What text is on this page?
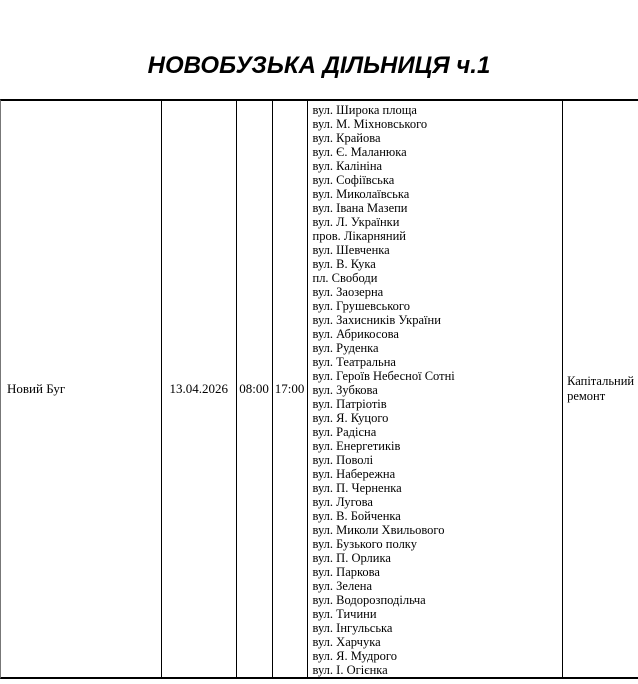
НОВОБУЗЬКА ДІЛЬНИЦЯ ч.1
Новий Буг	13.04.2026 08:00 17:00
вул. Широка площа
вул. М. Міхновського
вул. Крайова
вул. Є. Маланюка
вул. Калініна
вул. Софіївська
вул. Миколаївська
вул. Івана Мазепи
вул. Л. Українки
пров. Лікарняний
вул. Шевченка
вул. В. Кука
пл. Свободи
вул. Заозерна
вул. Грушевського
вул. Захисників України
вул. Абрикосова
вул. Руденка
вул. Театральна
вул. Героїв Небесної Сотні
вул. Зубкова
вул. Патріотів
вул. Я. Куцого
вул. Радісна
вул. Енергетиків
вул. Поволі
вул. Набережна
вул. П. Черненка
вул. Лугова
вул. В. Бойченка
вул. Миколи Хвильового
вул. Бузького полку
вул. П. Орлика
вул. Паркова
вул. Зелена
вул. Водорозподільча
вул. Тичини
вул. Інгульська
вул. Харчука
вул. Я. Мудрого
вул. І. Огієнка
Капітальний ремонт
